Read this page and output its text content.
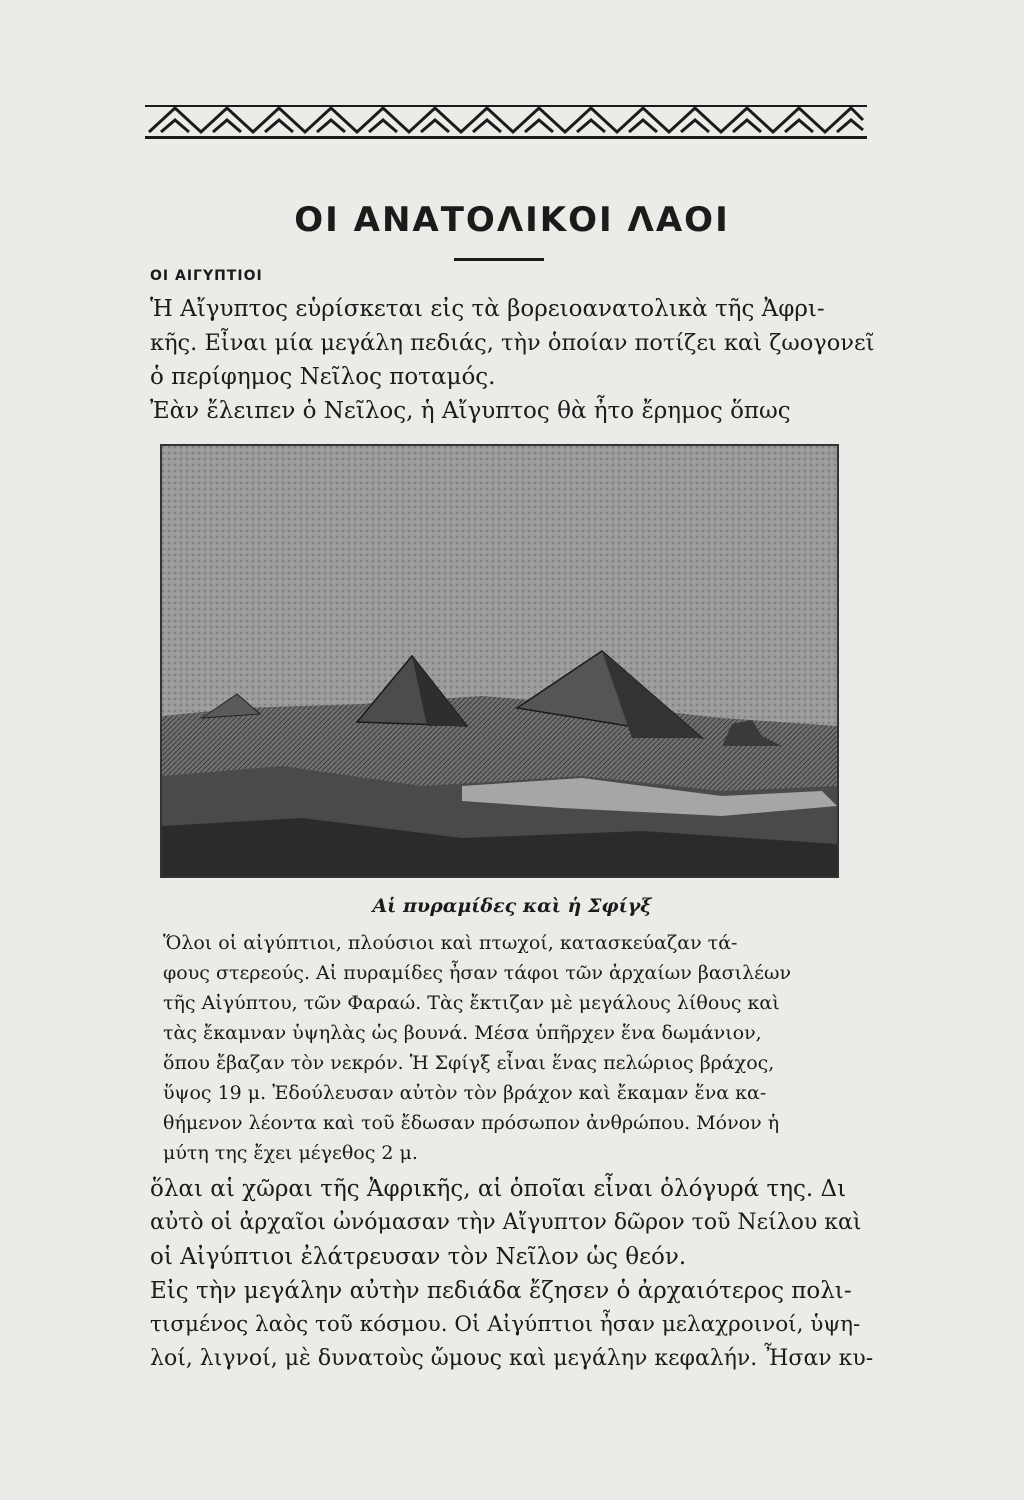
ΟΙ ΑΝΑΤΟΛΙΚΟΙ ΛΑΟΙ
ΟΙ ΑΙΓΥΠΤΙΟΙ
Ἡ Αἴγυπτος εὑρίσκεται εἰς τὰ βορειοανατολικὰ τῆς Ἀφρι-
κῆς. Εἶναι μία μεγάλη πεδιάς, τὴν ὁποίαν ποτίζει καὶ ζωογονεῖ
ὁ περίφημος Νεῖλος ποταμός.
Ἐὰν ἔλειπεν ὁ Νεῖλος, ἡ Αἴγυπτος θὰ ἦτο ἔρημος ὅπως
Αἱ πυραμίδες καὶ ἡ Σφίγξ
Ὅλοι οἱ αἰγύπτιοι, πλούσιοι καὶ πτωχοί, κατασκεύαζαν τά-
φους στερεούς. Αἱ πυραμίδες ἦσαν τάφοι τῶν ἀρχαίων βασιλέων
τῆς Αἰγύπτου, τῶν Φαραώ. Τὰς ἔκτιζαν μὲ μεγάλους λίθους καὶ
τὰς ἔκαμναν ὑψηλὰς ὡς βουνά. Μέσα ὑπῆρχεν ἕνα δωμάνιον,
ὅπου ἔβαζαν τὸν νεκρόν. Ἡ Σφίγξ εἶναι ἕνας πελώριος βράχος,
ὕψος 19 μ. Ἐδούλευσαν αὐτὸν τὸν βράχον καὶ ἔκαμαν ἕνα κα-
θήμενον λέοντα καὶ τοῦ ἔδωσαν πρόσωπον ἀνθρώπου. Μόνον ἡ
μύτη της ἔχει μέγεθος 2 μ.
ὅλαι αἱ χῶραι τῆς Ἀφρικῆς, αἱ ὁποῖαι εἶναι ὁλόγυρά της. Δι
αὐτὸ οἱ ἀρχαῖοι ὠνόμασαν τὴν Αἴγυπτον δῶρον τοῦ Νείλου καὶ
οἱ Αἰγύπτιοι ἐλάτρευσαν τὸν Νεῖλον ὡς θεόν.
Εἰς τὴν μεγάλην αὐτὴν πεδιάδα ἔζησεν ὁ ἀρχαιότερος πολι-
τισμένος λαὸς τοῦ κόσμου. Οἱ Αἰγύπτιοι ἦσαν μελαχροινοί, ὑψη-
λοί, λιγνοί, μὲ δυνατοὺς ὤμους καὶ μεγάλην κεφαλήν. Ἦσαν κυ-
